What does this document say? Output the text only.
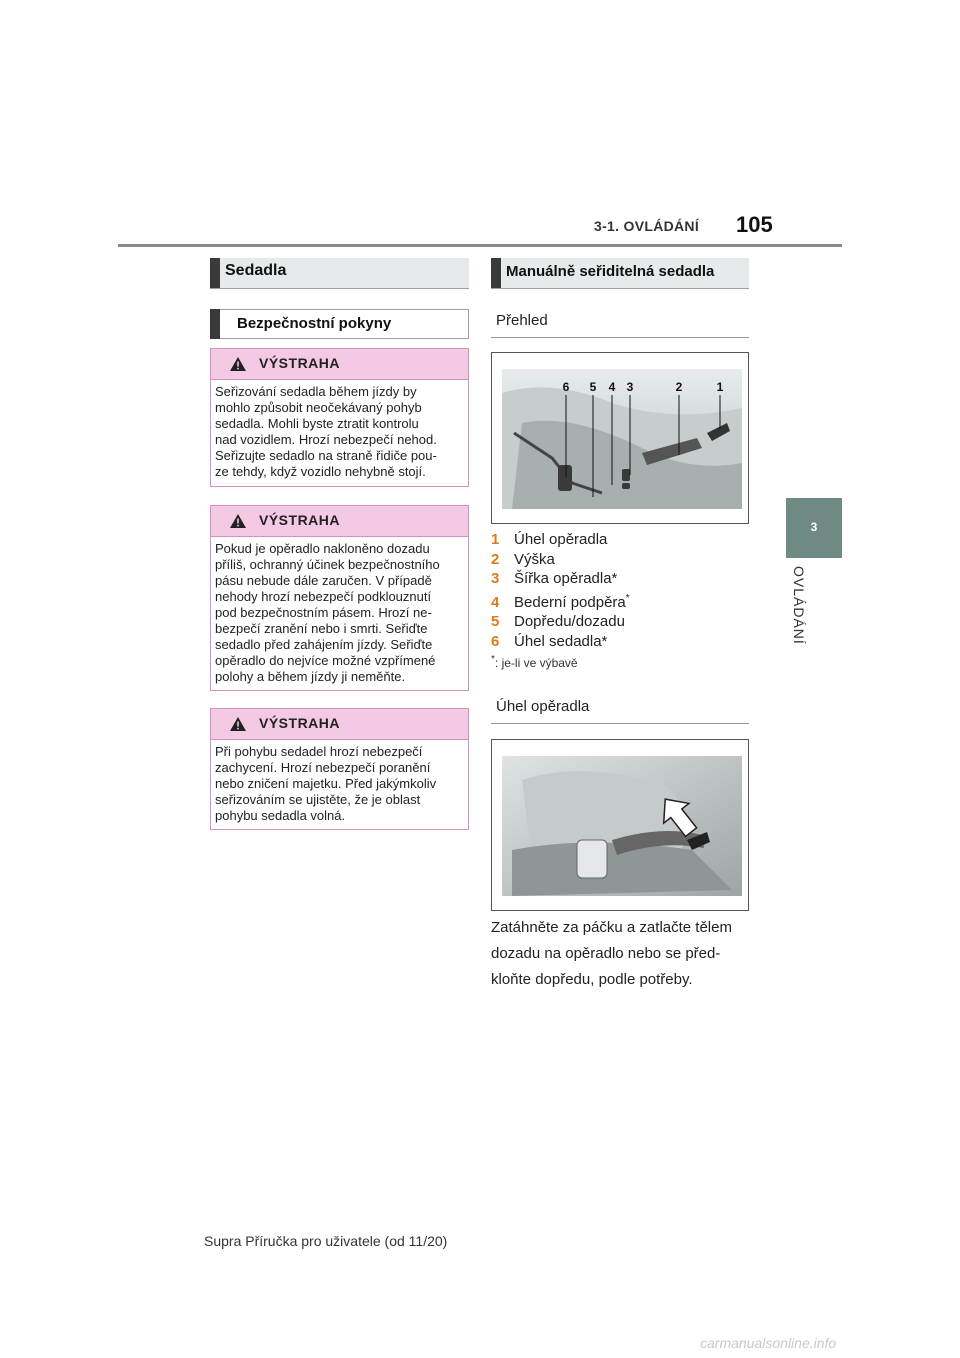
3-1. OVLÁDÁNÍ 105
3
OVLÁDÁNÍ
Sedadla
Bezpečnostní pokyny
VÝSTRAHA
Seřizování sedadla během jízdy by
mohlo způsobit neočekávaný pohyb
sedadla. Mohli byste ztratit kontrolu
nad vozidlem. Hrozí nebezpečí nehod.
Seřizujte sedadlo na straně řidiče pou-
ze tehdy, když vozidlo nehybně stojí.
VÝSTRAHA
Pokud je opěradlo nakloněno dozadu
příliš, ochranný účinek bezpečnostního
pásu nebude dále zaručen. V případě
nehody hrozí nebezpečí podklouznutí
pod bezpečnostním pásem. Hrozí ne-
bezpečí zranění nebo i smrti. Seřiďte
sedadlo před zahájením jízdy. Seřiďte
opěradlo do nejvíce možné vzpřímené
polohy a během jízdy ji neměňte.
VÝSTRAHA
Při pohybu sedadel hrozí nebezpečí
zachycení. Hrozí nebezpečí poranění
nebo zničení majetku. Před jakýmkoliv
seřizováním se ujistěte, že je oblast
pohybu sedadla volná.
Manuálně seřiditelná sedadla
Přehled
6 5 4 3	2	1
1 Úhel opěradla
2 Výška
3 Šířka opěradla*
4 Bederní podpěra*
5 Dopředu/dozadu
6 Úhel sedadla*
*: je-li ve výbavě
Úhel opěradla
Zatáhněte za páčku a zatlačte tělem
dozadu na opěradlo nebo se před-
kloňte dopředu, podle potřeby.
Supra Příručka pro uživatele (od 11/20)
carmanualsonline.info
